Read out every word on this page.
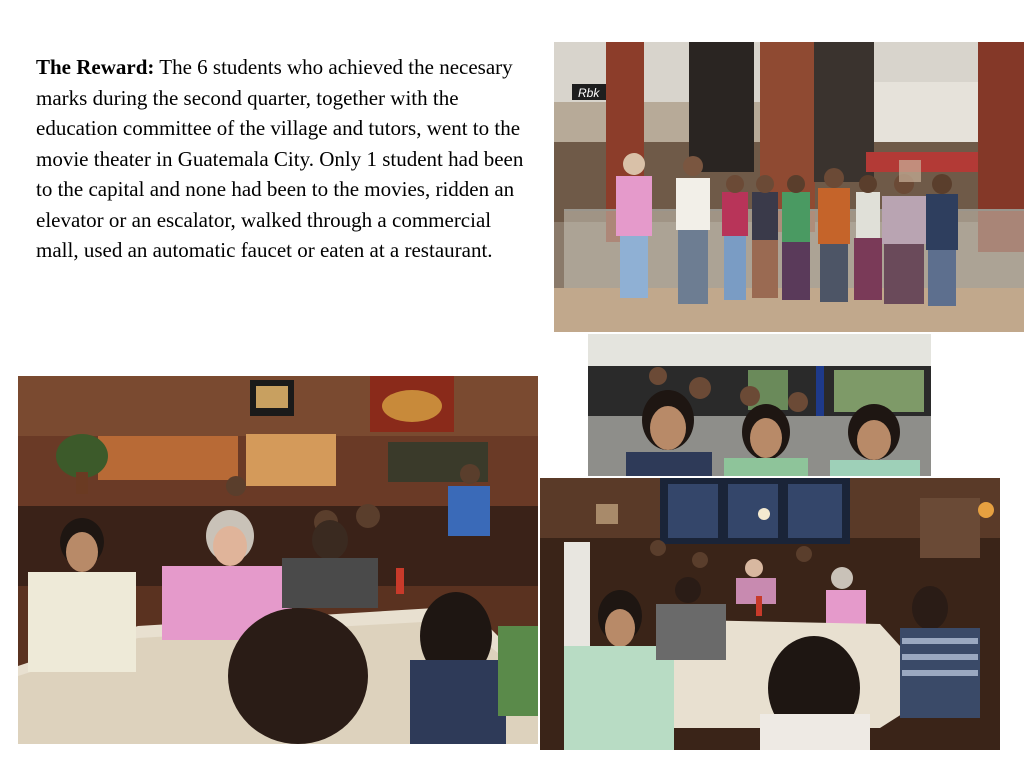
The Reward: The 6 students who achieved the necesary marks during the second quarter, together with the education committee of the village and tutors, went to the movie theater in Guatemala City. Only 1 student had been to the capital and none had been to the movies, ridden an elevator or an escalator, walked through a commercial mall, used an automatic faucet or eaten at a restaurant.
Rbk
